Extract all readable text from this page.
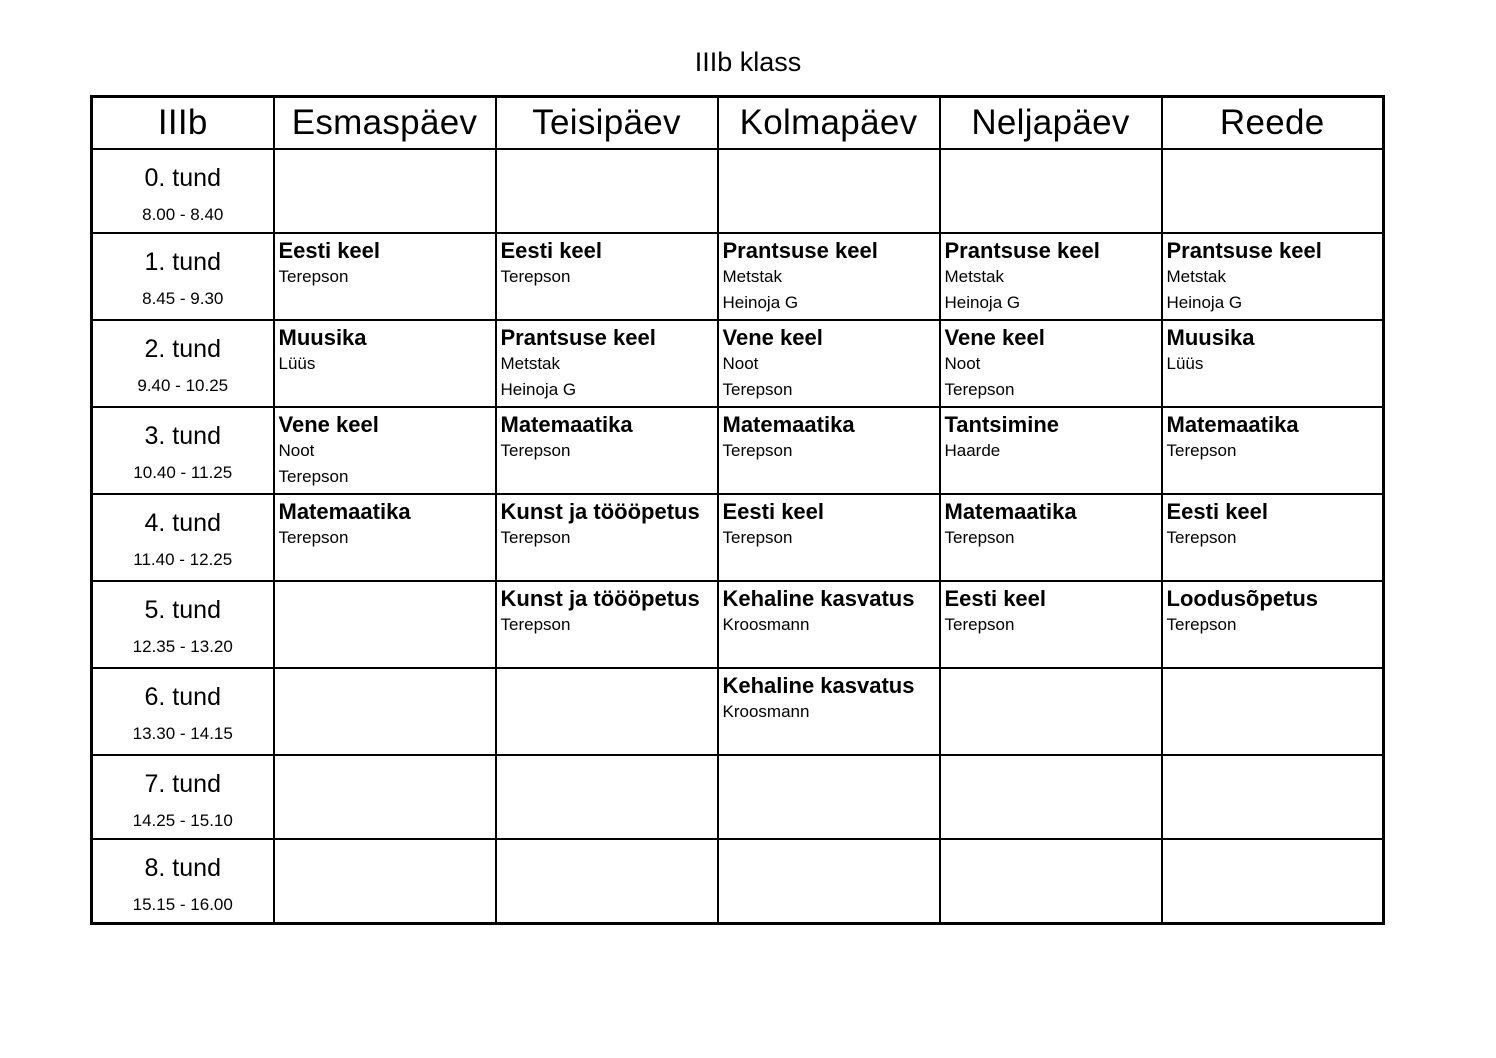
IIIb klass
IIIb	Esmaspäev	Teisipäev	Kolmapäev	Neljapäev	Reede

0. tund
8.00 - 8.40					

1. tund
8.45 - 9.30	Eesti keel
Terepson	Eesti keel
Terepson	Prantsuse keel
Metstak
Heinoja G	Prantsuse keel
Metstak
Heinoja G	Prantsuse keel
Metstak
Heinoja G

2. tund
9.40 - 10.25	Muusika
Lüüs	Prantsuse keel
Metstak
Heinoja G	Vene keel
Noot
Terepson	Vene keel
Noot
Terepson	Muusika
Lüüs

3. tund
10.40 - 11.25	Vene keel
Noot
Terepson	Matemaatika
Terepson	Matemaatika
Terepson	Tantsimine
Haarde	Matemaatika
Terepson

4. tund
11.40 - 12.25	Matemaatika
Terepson	Kunst ja töööpetus
Terepson	Eesti keel
Terepson	Matemaatika
Terepson	Eesti keel
Terepson

5. tund
12.35 - 13.20		Kunst ja töööpetus
Terepson	Kehaline kasvatus
Kroosmann	Eesti keel
Terepson	Loodusõpetus
Terepson

6. tund
13.30 - 14.15			Kehaline kasvatus
Kroosmann		

7. tund
14.25 - 15.10					

8. tund
15.15 - 16.00					
